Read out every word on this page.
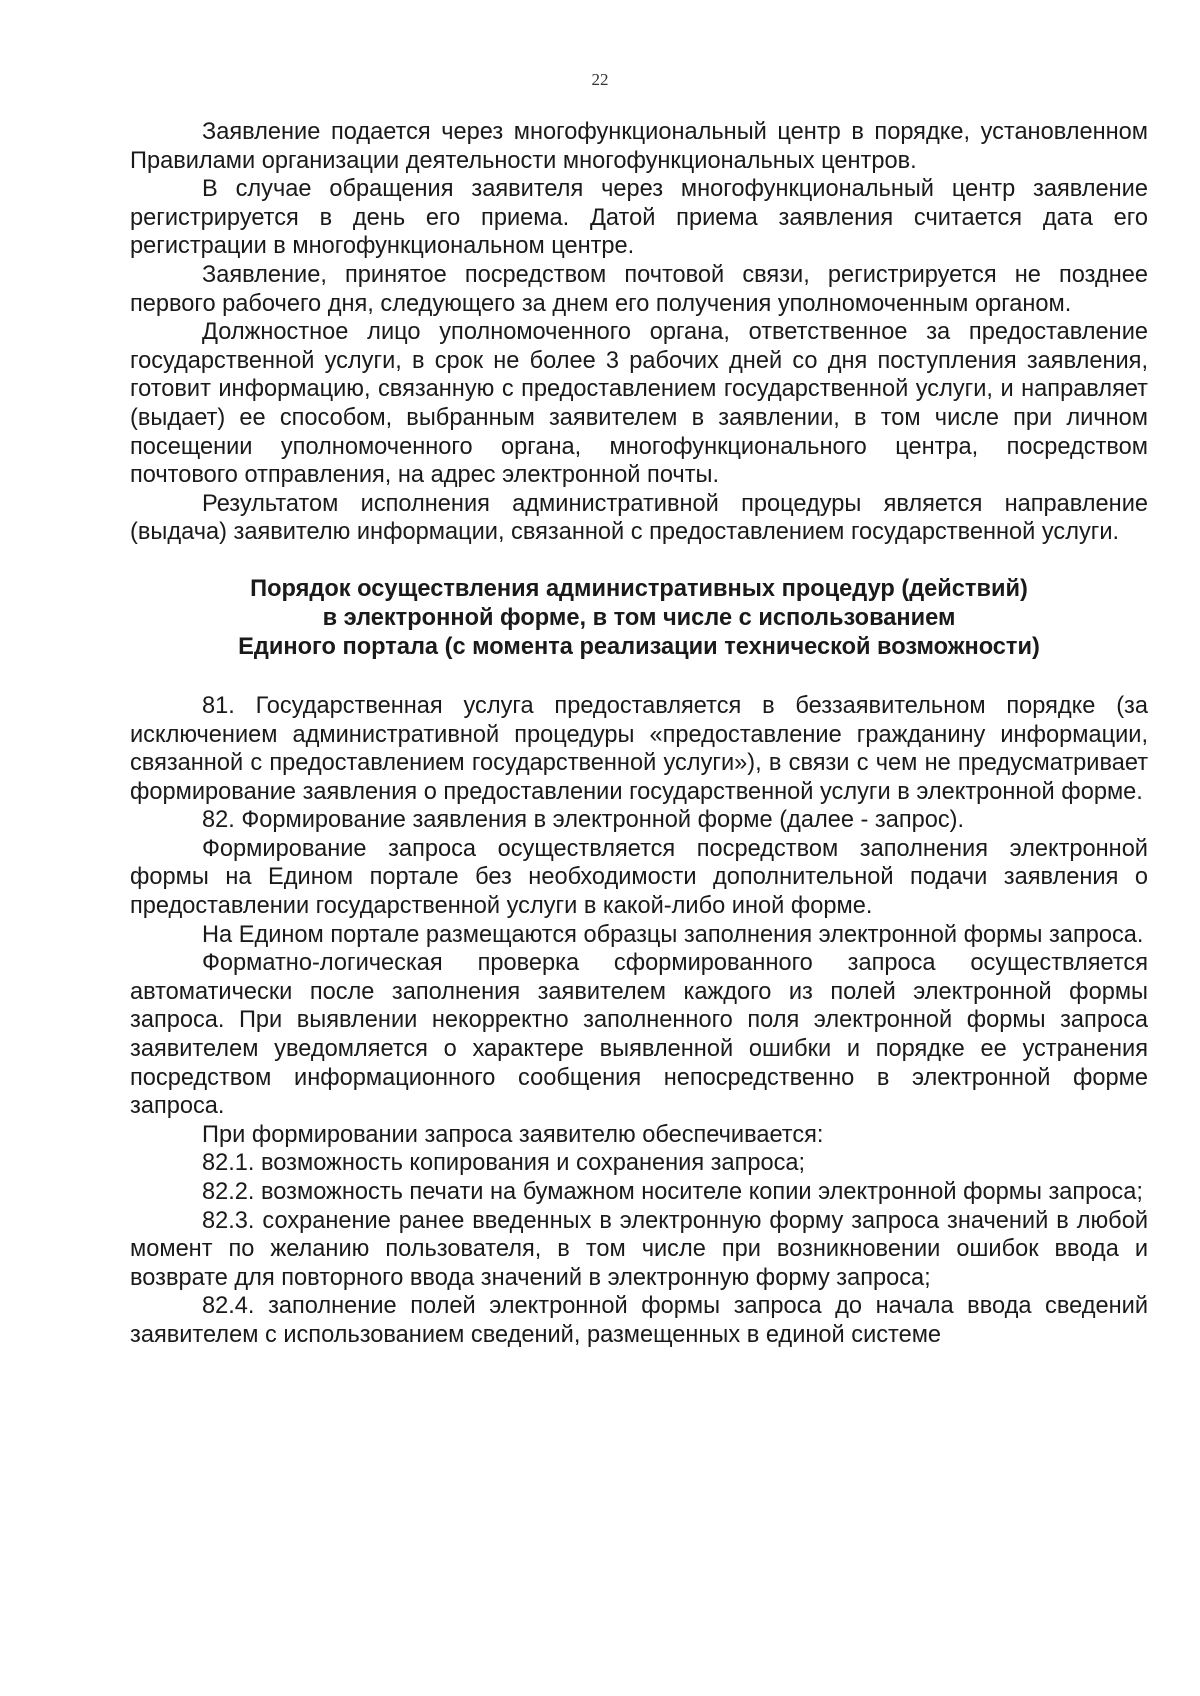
22

Заявление подается через многофункциональный центр в порядке, установленном Правилами организации деятельности многофункциональных центров.

В случае обращения заявителя через многофункциональный центр заявление регистрируется в день его приема. Датой приема заявления считается дата его регистрации в многофункциональном центре.

Заявление, принятое посредством почтовой связи, регистрируется не позднее первого рабочего дня, следующего за днем его получения уполномоченным органом.

Должностное лицо уполномоченного органа, ответственное за предоставление государственной услуги, в срок не более 3 рабочих дней со дня поступления заявления, готовит информацию, связанную с предоставлением государственной услуги, и направляет (выдает) ее способом, выбранным заявителем в заявлении, в том числе при личном посещении уполномоченного органа, многофункционального центра, посредством почтового отправления, на адрес электронной почты.

Результатом исполнения административной процедуры является направление (выдача) заявителю информации, связанной с предоставлением государственной услуги.

Порядок осуществления административных процедур (действий)
в электронной форме, в том числе с использованием
Единого портала (с момента реализации технической возможности)

81. Государственная услуга предоставляется в беззаявительном порядке (за исключением административной процедуры «предоставление гражданину информации, связанной с предоставлением государственной услуги»), в связи с чем не предусматривает формирование заявления о предоставлении государственной услуги в электронной форме.

82. Формирование заявления в электронной форме (далее - запрос).

Формирование запроса осуществляется посредством заполнения электронной формы на Едином портале без необходимости дополнительной подачи заявления о предоставлении государственной услуги в какой-либо иной форме.

На Едином портале размещаются образцы заполнения электронной формы запроса.

Форматно-логическая проверка сформированного запроса осуществляется автоматически после заполнения заявителем каждого из полей электронной формы запроса. При выявлении некорректно заполненного поля электронной формы запроса заявителем уведомляется о характере выявленной ошибки и порядке ее устранения посредством информационного сообщения непосредственно в электронной форме запроса.

При формировании запроса заявителю обеспечивается:

82.1. возможность копирования и сохранения запроса;

82.2. возможность печати на бумажном носителе копии электронной формы запроса;

82.3. сохранение ранее введенных в электронную форму запроса значений в любой момент по желанию пользователя, в том числе при возникновении ошибок ввода и возврате для повторного ввода значений в электронную форму запроса;

82.4. заполнение полей электронной формы запроса до начала ввода сведений заявителем с использованием сведений, размещенных в единой системе
